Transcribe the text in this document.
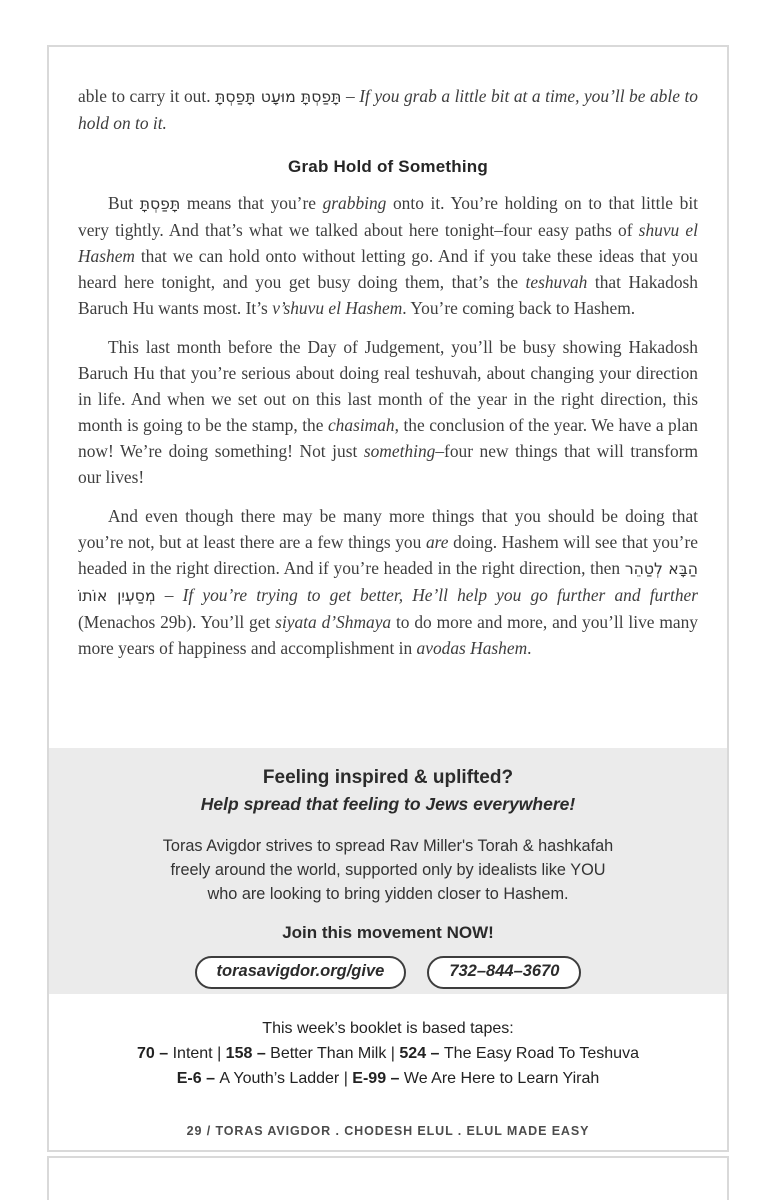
able to carry it out. תָּפַסְתָּ מוּעָט תָּפַסְתָּ – If you grab a little bit at a time, you’ll be able to hold on to it.

Grab Hold of Something

But תָּפַסְתָּ means that you’re grabbing onto it. You’re holding on to that little bit very tightly. And that’s what we talked about here tonight–four easy paths of shuvu el Hashem that we can hold onto without letting go. And if you take these ideas that you heard here tonight, and you get busy doing them, that’s the teshuvah that Hakadosh Baruch Hu wants most. It’s v’shuvu el Hashem. You’re coming back to Hashem.

This last month before the Day of Judgement, you’ll be busy showing Hakadosh Baruch Hu that you’re serious about doing real teshuvah, about changing your direction in life. And when we set out on this last month of the year in the right direction, this month is going to be the stamp, the chasimah, the conclusion of the year. We have a plan now! We’re doing something! Not just something–four new things that will transform our lives!

And even though there may be many more things that you should be doing that you’re not, but at least there are a few things you are doing. Hashem will see that you’re headed in the right direction. And if you’re headed in the right direction, then הַבָּא לְטַהֵר מְסַעְיִן אוֹתוֹ – If you’re trying to get better, He’ll help you go further and further (Menachos 29b). You’ll get siyata d’Shmaya to do more and more, and you’ll live many more years of happiness and accomplishment in avodas Hashem.

Feeling inspired & uplifted?
Help spread that feeling to Jews everywhere!
Toras Avigdor strives to spread Rav Miller's Torah & hashkafah
freely around the world, supported only by idealists like YOU
who are looking to bring yidden closer to Hashem.
Join this movement NOW!
torasavigdor.org/give	732–844–3670
This week’s booklet is based tapes:
70 – Intent | 158 – Better Than Milk | 524 – The Easy Road To Teshuva
E-6 – A Youth’s Ladder | E-99 – We Are Here to Learn Yirah
29 / TORAS AVIGDOR . CHODESH ELUL . ELUL MADE EASY
